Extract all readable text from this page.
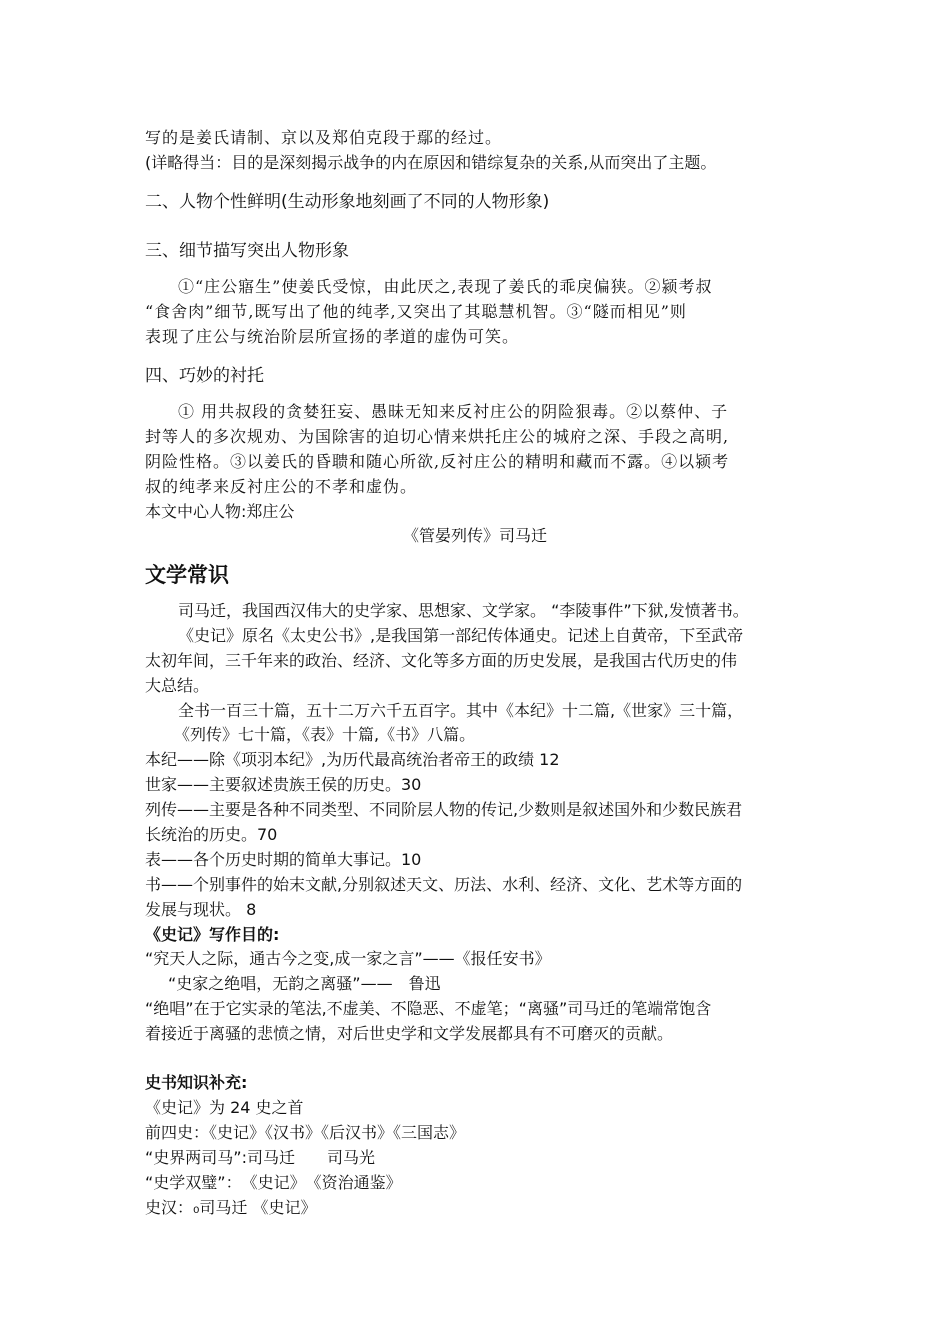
写的是姜氏请制、京以及郑伯克段于鄢的经过。
(详略得当：目的是深刻揭示战争的内在原因和错综复杂的关系,从而突出了主题。
二、人物个性鲜明(生动形象地刻画了不同的人物形象)
三、细节描写突出人物形象
①“庄公寤生”使姜氏受惊，由此厌之,表现了姜氏的乖戾偏狭。②颍考叔
“食舍肉”细节,既写出了他的纯孝,又突出了其聪慧机智。③“隧而相见”则
表现了庄公与统治阶层所宣扬的孝道的虚伪可笑。
四、巧妙的衬托
① 用共叔段的贪婪狂妄、愚昧无知来反衬庄公的阴险狠毒。②以蔡仲、子
封等人的多次规劝、为国除害的迫切心情来烘托庄公的城府之深、手段之高明,
阴险性格。③以姜氏的昏聩和随心所欲,反衬庄公的精明和藏而不露。④以颍考
叔的纯孝来反衬庄公的不孝和虚伪。
本文中心人物:郑庄公
《管晏列传》司马迁
文学常识
司马迁，我国西汉伟大的史学家、思想家、文学家。 “李陵事件”下狱,发愤著书。
《史记》原名《太史公书》,是我国第一部纪传体通史。记述上自黄帝，下至武帝
太初年间，三千年来的政治、经济、文化等多方面的历史发展，是我国古代历史的伟
大总结。
全书一百三十篇，五十二万六千五百字。其中《本纪》十二篇,《世家》三十篇，
《列传》七十篇，《表》十篇,《书》八篇。
本纪——除《项羽本纪》,为历代最高统治者帝王的政绩 12
世家——主要叙述贵族王侯的历史。30
列传——主要是各种不同类型、不同阶层人物的传记,少数则是叙述国外和少数民族君
长统治的历史。70
表——各个历史时期的简单大事记。10
书——个别事件的始末文献,分别叙述天文、历法、水利、经济、文化、艺术等方面的
发展与现状。 8
《史记》写作目的:
“究天人之际，通古今之变,成一家之言”——《报任安书》
“史家之绝唱，无韵之离骚”——　鲁迅
“绝唱”在于它实录的笔法,不虚美、不隐恶、不虚笔；“离骚”司马迁的笔端常饱含
着接近于离骚的悲愤之情，对后世史学和文学发展都具有不可磨灭的贡献。
史书知识补充:
《史记》为 24 史之首
前四史：《史记》《汉书》《后汉书》《三国志》
“史界两司马”:司马迁　　司马光
“史学双璧”：　《史记》　《资治通鉴》
史汉：₀司马迁 《史记》
